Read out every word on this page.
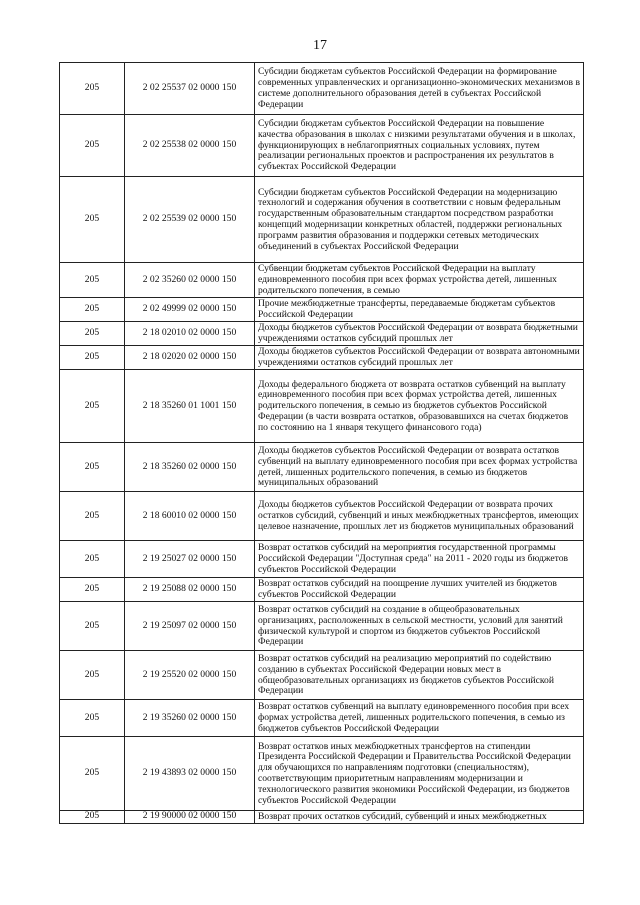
17
205	2 02 25537 02 0000 150	Субсидии бюджетам субъектов Российской Федерации на формирование современных управленческих и организационно-экономических механизмов в системе дополнительного образования детей в субъектах Российской Федерации
205	2 02 25538 02 0000 150	Субсидии бюджетам субъектов Российской Федерации на повышение качества образования в школах с низкими результатами обучения и в школах, функционирующих в неблагоприятных социальных условиях, путем реализации региональных проектов и распространения их результатов в субъектах Российской Федерации
205	2 02 25539 02 0000 150	Субсидии бюджетам субъектов Российской Федерации на модернизацию технологий и содержания обучения в соответствии с новым федеральным государственным образовательным стандартом посредством разработки концепций модернизации конкретных областей, поддержки региональных программ развития образования и поддержки сетевых методических объединений в субъектах Российской Федерации
205	2 02 35260 02 0000 150	Субвенции бюджетам субъектов Российской Федерации на выплату единовременного пособия при всех формах устройства детей, лишенных родительского попечения, в семью
205	2 02 49999 02 0000 150	Прочие межбюджетные трансферты, передаваемые бюджетам субъектов Российской Федерации
205	2 18 02010 02 0000 150	Доходы бюджетов субъектов Российской Федерации от возврата бюджетными учреждениями остатков субсидий прошлых лет
205	2 18 02020 02 0000 150	Доходы бюджетов субъектов Российской Федерации от возврата автономными учреждениями остатков субсидий прошлых лет
205	2 18 35260 01 1001 150	Доходы федерального бюджета от возврата остатков субвенций на выплату единовременного пособия при всех формах устройства детей, лишенных родительского попечения, в семью из бюджетов субъектов Российской Федерации (в части возврата остатков, образовавшихся на счетах бюджетов по состоянию на 1 января текущего финансового года)
205	2 18 35260 02 0000 150	Доходы бюджетов субъектов Российской Федерации от возврата остатков субвенций на выплату единовременного пособия при всех формах устройства детей, лишенных родительского попечения, в семью из бюджетов муниципальных образований
205	2 18 60010 02 0000 150	Доходы бюджетов субъектов Российской Федерации от возврата прочих остатков субсидий, субвенций и иных межбюджетных трансфертов, имеющих целевое назначение, прошлых лет из бюджетов муниципальных образований
205	2 19 25027 02 0000 150	Возврат остатков субсидий на мероприятия государственной программы Российской Федерации "Доступная среда" на 2011 - 2020 годы из бюджетов субъектов Российской Федерации
205	2 19 25088 02 0000 150	Возврат остатков субсидий на поощрение лучших учителей из бюджетов субъектов Российской Федерации
205	2 19 25097 02 0000 150	Возврат остатков субсидий на создание в общеобразовательных организациях, расположенных в сельской местности, условий для занятий физической культурой и спортом из бюджетов субъектов Российской Федерации
205	2 19 25520 02 0000 150	Возврат остатков субсидий на реализацию мероприятий по содействию созданию в субъектах Российской Федерации новых мест в общеобразовательных организациях из бюджетов субъектов Российской Федерации
205	2 19 35260 02 0000 150	Возврат остатков субвенций на выплату единовременного пособия при всех формах устройства детей, лишенных родительского попечения, в семью из бюджетов субъектов Российской Федерации
205	2 19 43893 02 0000 150	Возврат остатков иных межбюджетных трансфертов на стипендии Президента Российской Федерации и Правительства Российской Федерации для обучающихся по направлениям подготовки (специальностям), соответствующим приоритетным направлениям модернизации и технологического развития экономики Российской Федерации, из бюджетов субъектов Российской Федерации
205	2 19 90000 02 0000 150	Возврат прочих остатков субсидий, субвенций и иных межбюджетных
